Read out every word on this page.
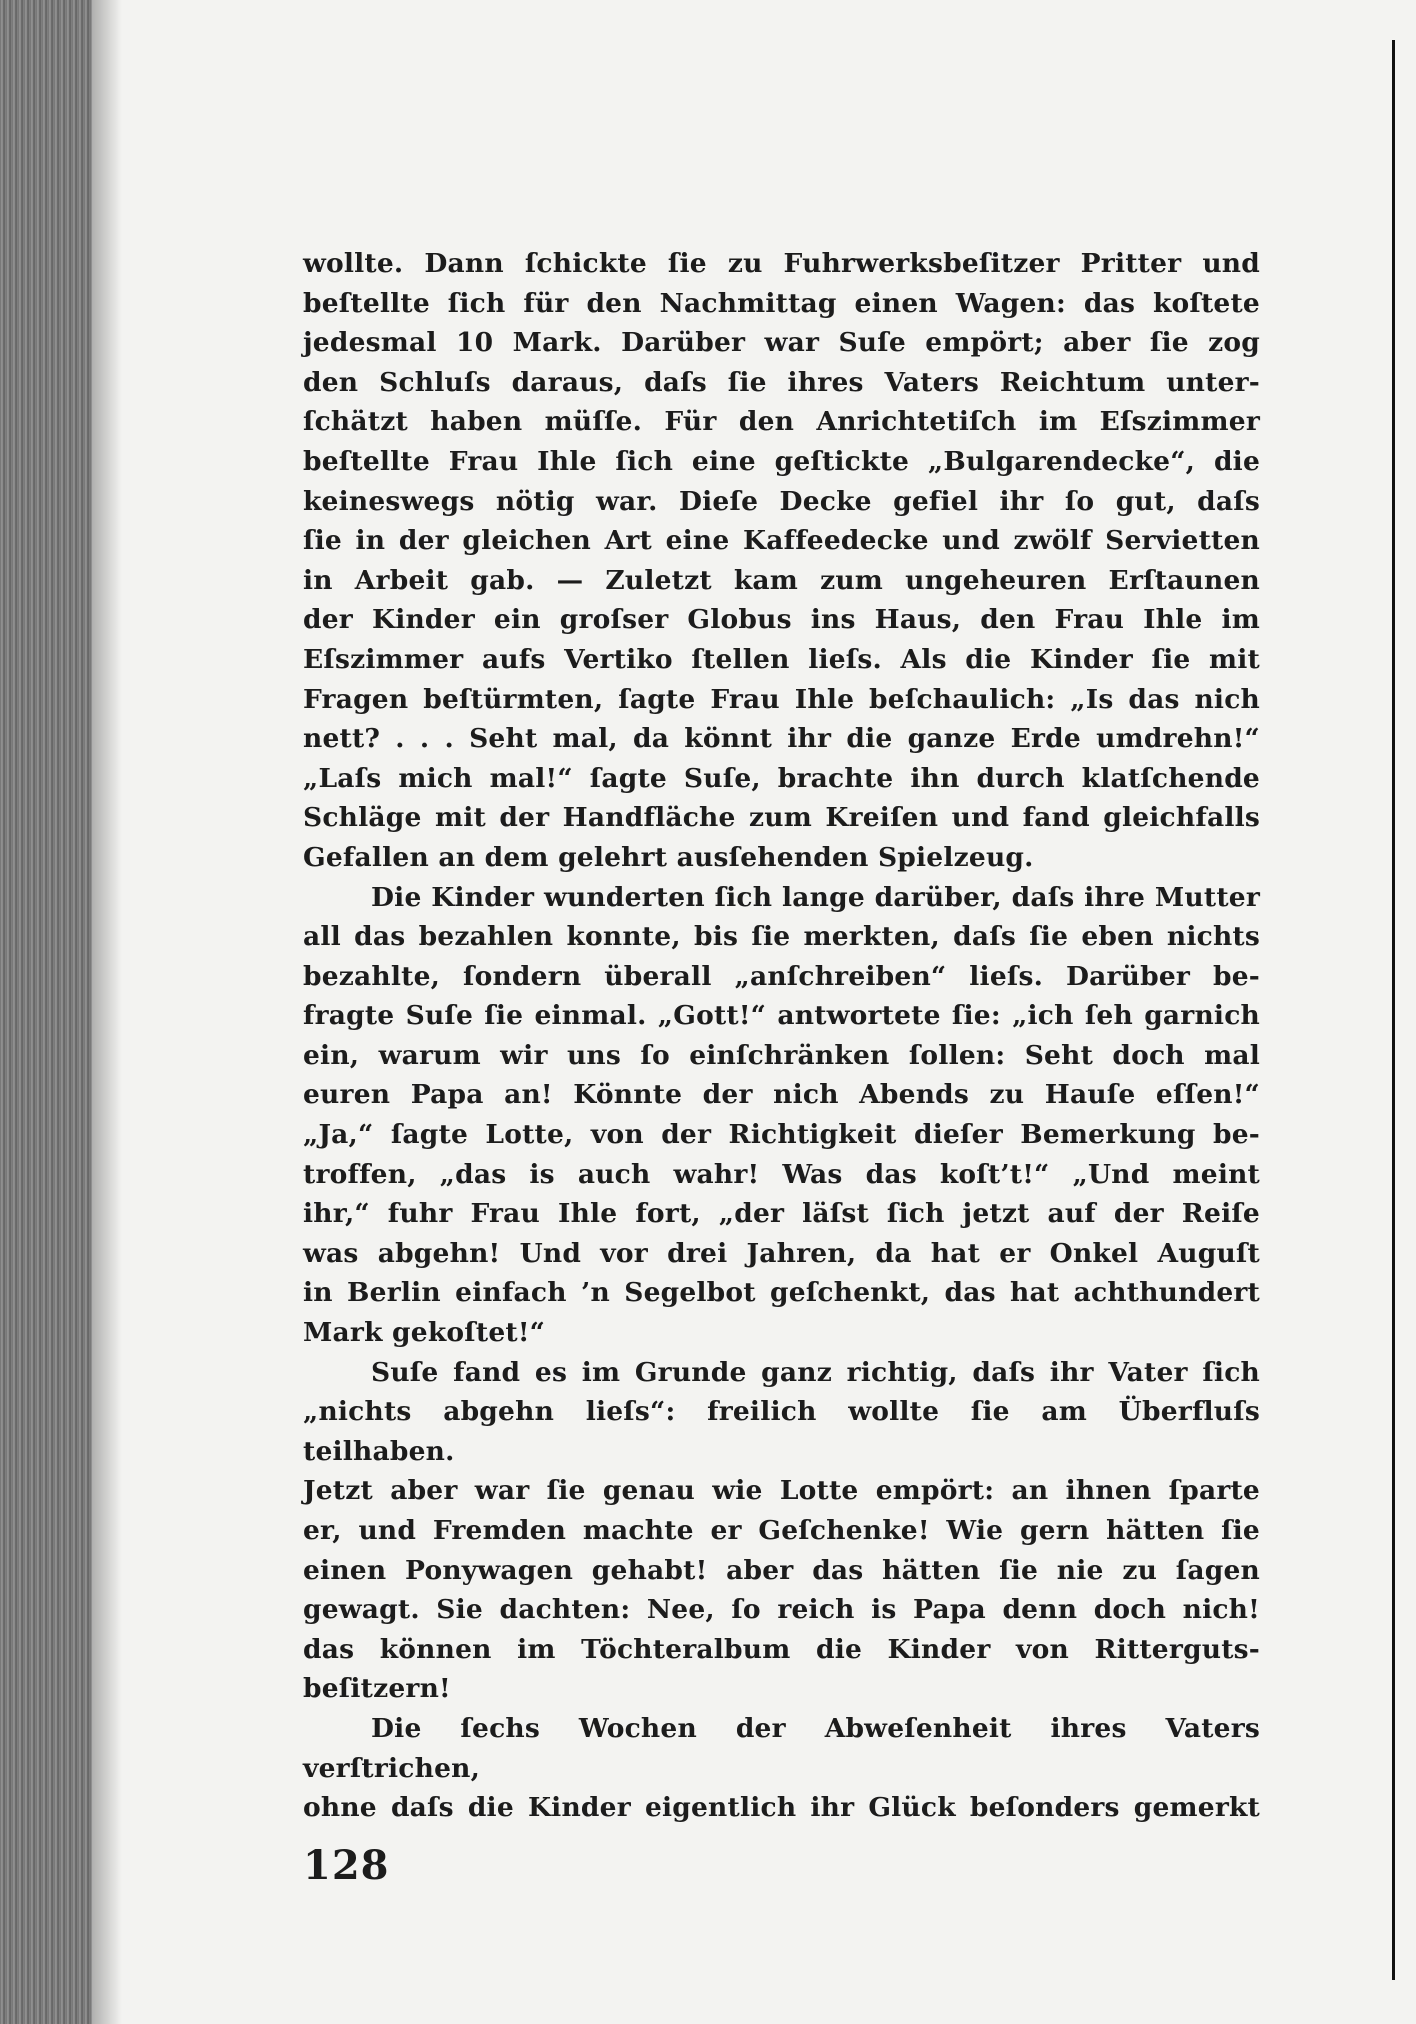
wollte. Dann ſchickte ſie zu Fuhrwerksbeſitzer Pritter und

beſtellte ſich für den Nachmittag einen Wagen: das koſtete

jedesmal 10 Mark. Darüber war Suſe empört; aber ſie zog

den Schluſs daraus, daſs ſie ihres Vaters Reichtum unter-

ſchätzt haben müſſe. Für den Anrichtetiſch im Eſszimmer

beſtellte Frau Ihle ſich eine geſtickte „Bulgarendecke“, die

keineswegs nötig war. Dieſe Decke gefiel ihr ſo gut, daſs

ſie in der gleichen Art eine Kaffeedecke und zwölf Servietten

in Arbeit gab. — Zuletzt kam zum ungeheuren Erſtaunen

der Kinder ein groſser Globus ins Haus, den Frau Ihle im

Eſszimmer aufs Vertiko ſtellen lieſs. Als die Kinder ſie mit

Fragen beſtürmten, ſagte Frau Ihle beſchaulich: „Is das nich

nett? . . . Seht mal, da könnt ihr die ganze Erde umdrehn!“

„Laſs mich mal!“ ſagte Suſe, brachte ihn durch klatſchende

Schläge mit der Handfläche zum Kreiſen und fand gleichfalls

Gefallen an dem gelehrt ausſehenden Spielzeug.

Die Kinder wunderten ſich lange darüber, daſs ihre Mutter

all das bezahlen konnte, bis ſie merkten, daſs ſie eben nichts

bezahlte, ſondern überall „anſchreiben“ lieſs. Darüber be-

fragte Suſe ſie einmal. „Gott!“ antwortete ſie: „ich ſeh garnich

ein, warum wir uns ſo einſchränken ſollen: Seht doch mal

euren Papa an! Könnte der nich Abends zu Hauſe eſſen!“

„Ja,“ ſagte Lotte, von der Richtigkeit dieſer Bemerkung be-

troffen, „das is auch wahr! Was das koſt’t!“ „Und meint

ihr,“ fuhr Frau Ihle fort, „der läſst ſich jetzt auf der Reiſe

was abgehn! Und vor drei Jahren, da hat er Onkel Auguſt

in Berlin einfach ’n Segelbot geſchenkt, das hat achthundert

Mark gekoſtet!“

Suſe fand es im Grunde ganz richtig, daſs ihr Vater ſich

„nichts abgehn lieſs“: freilich wollte ſie am Überfluſs teilhaben.

Jetzt aber war ſie genau wie Lotte empört: an ihnen ſparte

er, und Fremden machte er Geſchenke! Wie gern hätten ſie

einen Ponywagen gehabt! aber das hätten ſie nie zu ſagen

gewagt. Sie dachten: Nee, ſo reich is Papa denn doch nich!

das können im Töchteralbum die Kinder von Ritterguts-

beſitzern!

Die ſechs Wochen der Abweſenheit ihres Vaters verſtrichen,

ohne daſs die Kinder eigentlich ihr Glück beſonders gemerkt

128
